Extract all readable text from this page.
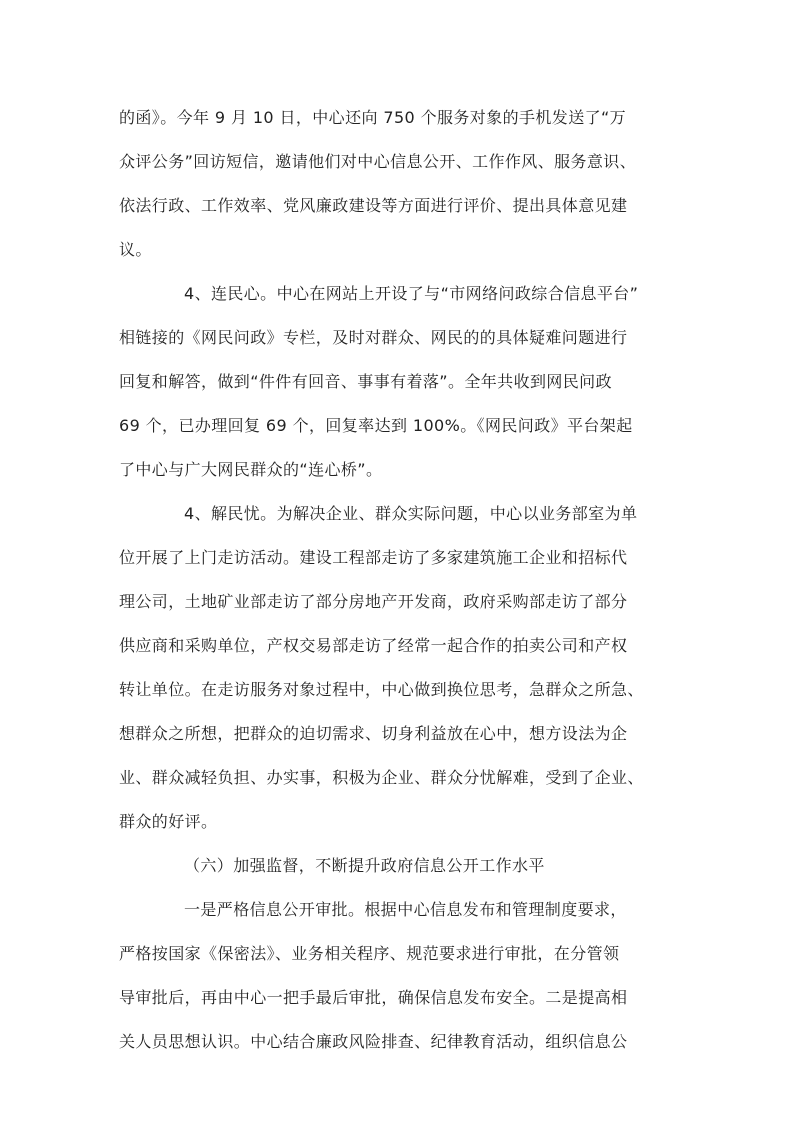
的函》。今年 9 月 10 日，中心还向 750 个服务对象的手机发送了“万
众评公务”回访短信，邀请他们对中心信息公开、工作作风、服务意识、
依法行政、工作效率、党风廉政建设等方面进行评价、提出具体意见建
议。
4、连民心。中心在网站上开设了与“市网络问政综合信息平台”
相链接的《网民问政》专栏，及时对群众、网民的的具体疑难问题进行
回复和解答，做到“件件有回音、事事有着落”。全年共收到网民问政
69 个，已办理回复 69 个，回复率达到 100%。《网民问政》平台架起
了中心与广大网民群众的“连心桥”。
4、解民忧。为解决企业、群众实际问题，中心以业务部室为单
位开展了上门走访活动。建设工程部走访了多家建筑施工企业和招标代
理公司，土地矿业部走访了部分房地产开发商，政府采购部走访了部分
供应商和采购单位，产权交易部走访了经常一起合作的拍卖公司和产权
转让单位。在走访服务对象过程中，中心做到换位思考，急群众之所急、
想群众之所想，把群众的迫切需求、切身利益放在心中，想方设法为企
业、群众减轻负担、办实事，积极为企业、群众分忧解难，受到了企业、
群众的好评。
（六）加强监督，不断提升政府信息公开工作水平
一是严格信息公开审批。根据中心信息发布和管理制度要求，
严格按国家《保密法》、业务相关程序、规范要求进行审批，在分管领
导审批后，再由中心一把手最后审批，确保信息发布安全。二是提高相
关人员思想认识。中心结合廉政风险排查、纪律教育活动，组织信息公
